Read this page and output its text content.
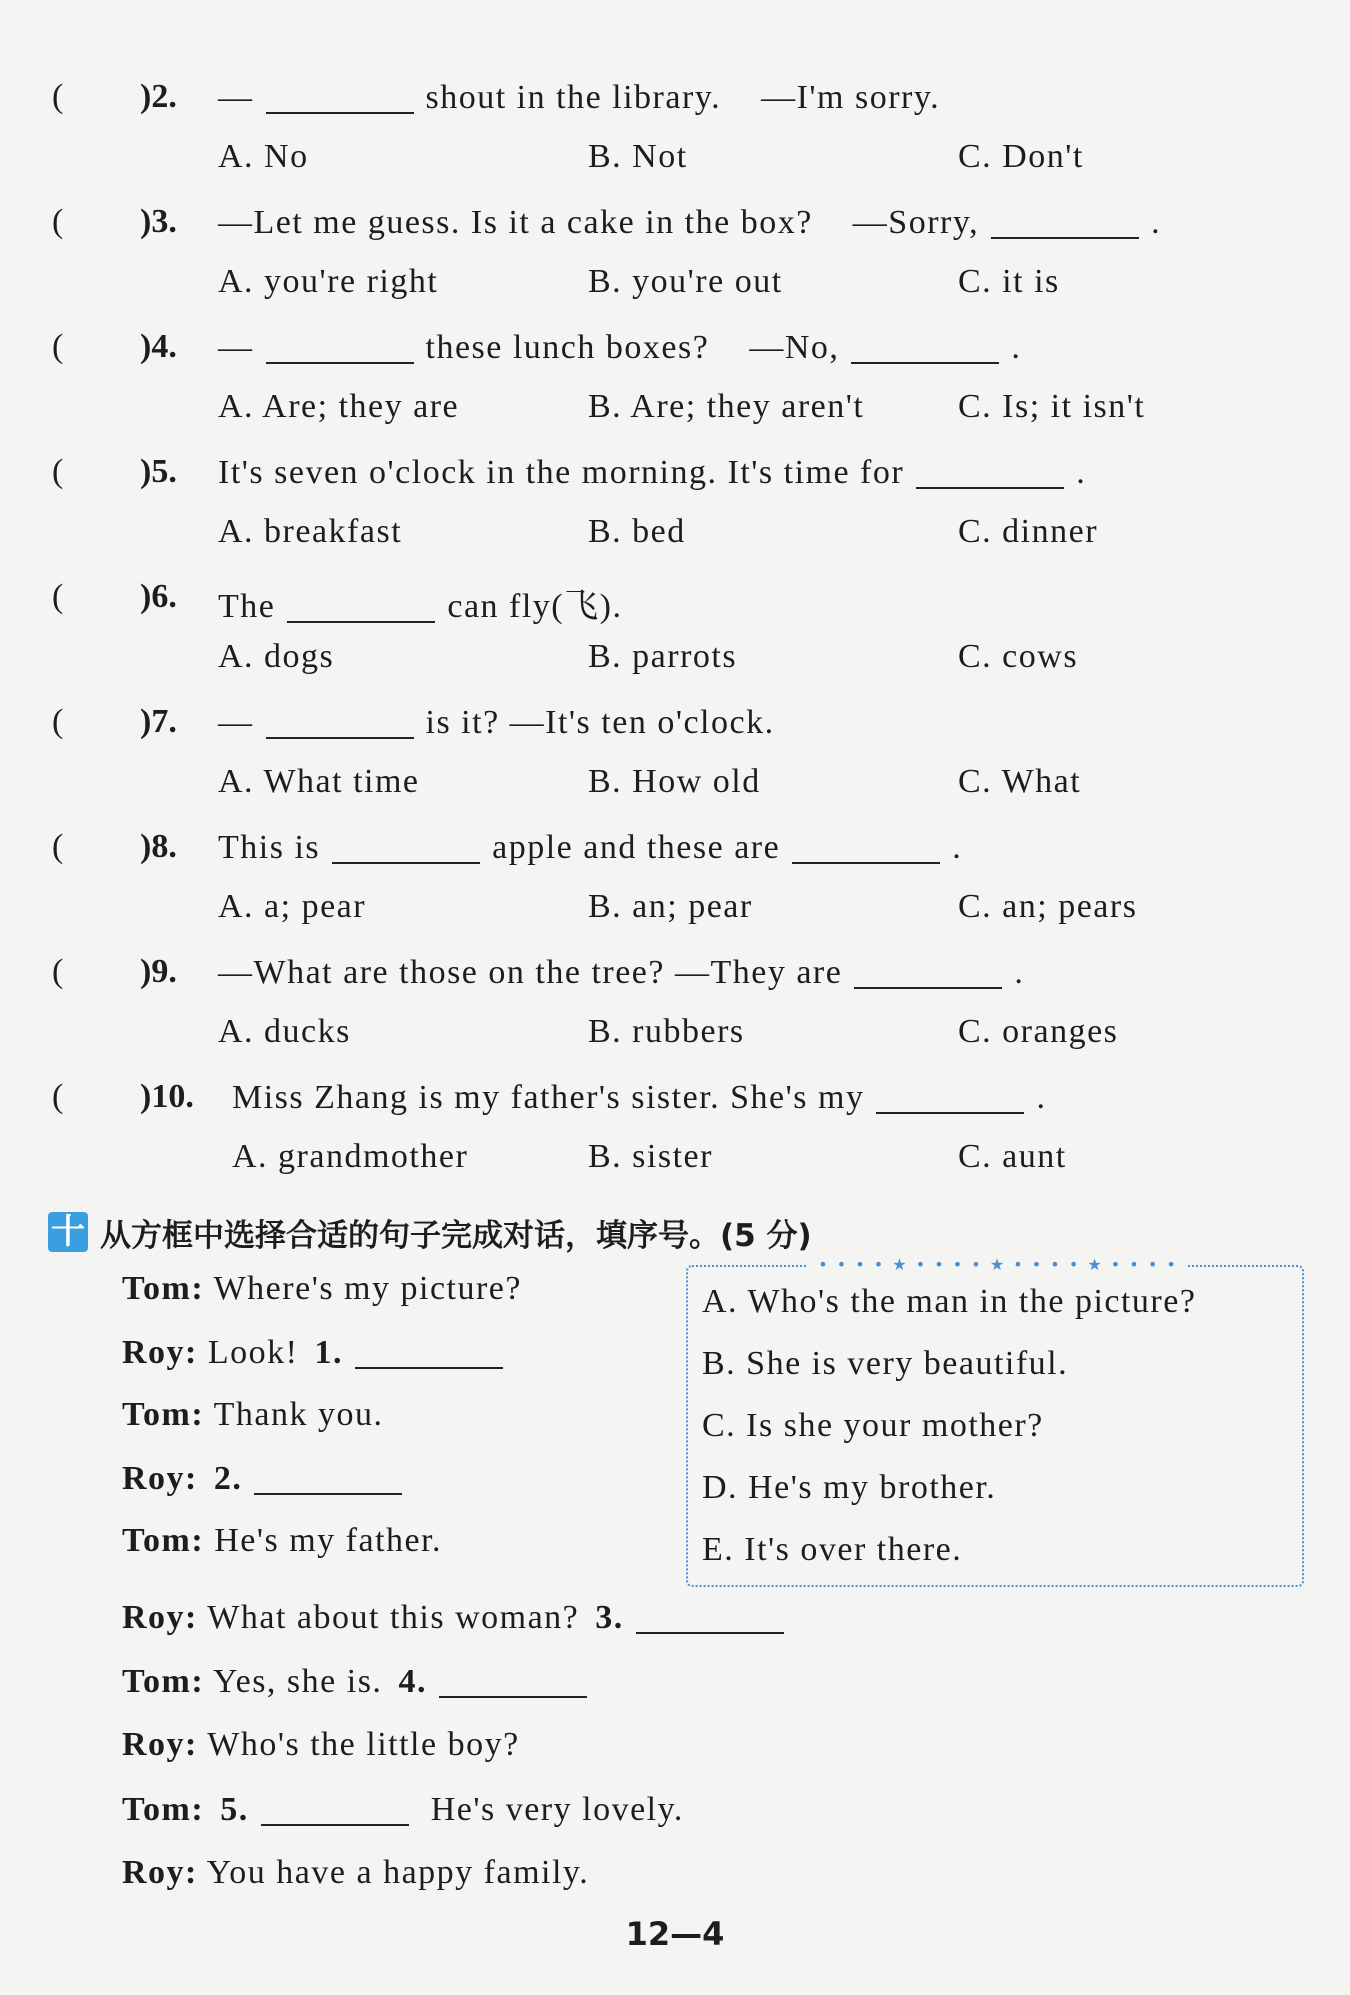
( )2. —	shout in the library. —I'm sorry.
A. No	B. Not	C. Don't
( )3. —Let me guess. Is it a cake in the box? —Sorry,	.
A. you're right	B. you're out	C. it is
( )4. —	these lunch boxes? —No,	.
A. Are; they are	B. Are; they aren't	C. Is; it isn't
( )5. It's seven o'clock in the morning. It's time for	.
A. breakfast	B. bed	C. dinner
( )6. The	can fly(飞).
A. dogs	B. parrots	C. cows
( )7. —	is it? —It's ten o'clock.
A. What time	B. How old	C. What
( )8. This is	apple and these are	.
A. a; pear	B. an; pear	C. an; pears
( )9. —What are those on the tree? —They are	.
A. ducks	B. rubbers	C. oranges
( )10. Miss Zhang is my father's sister. She's my	.
A. grandmother	B. sister	C. aunt
十 从方框中选择合适的句子完成对话，填序号。(5 分)
• • • • ★ • • • • ★ • • • • ★ • • • •
A. Who's the man in the picture?
B. She is very beautiful.
C. Is she your mother?
D. He's my brother.
E. It's over there.
Tom: Where's my picture?
Roy: Look! 1.
Tom: Thank you.
Roy: 2.
Tom: He's my father.
Roy: What about this woman? 3.
Tom: Yes, she is. 4.
Roy: Who's the little boy?
Tom: 5.	He's very lovely.
Roy: You have a happy family.
12—4
